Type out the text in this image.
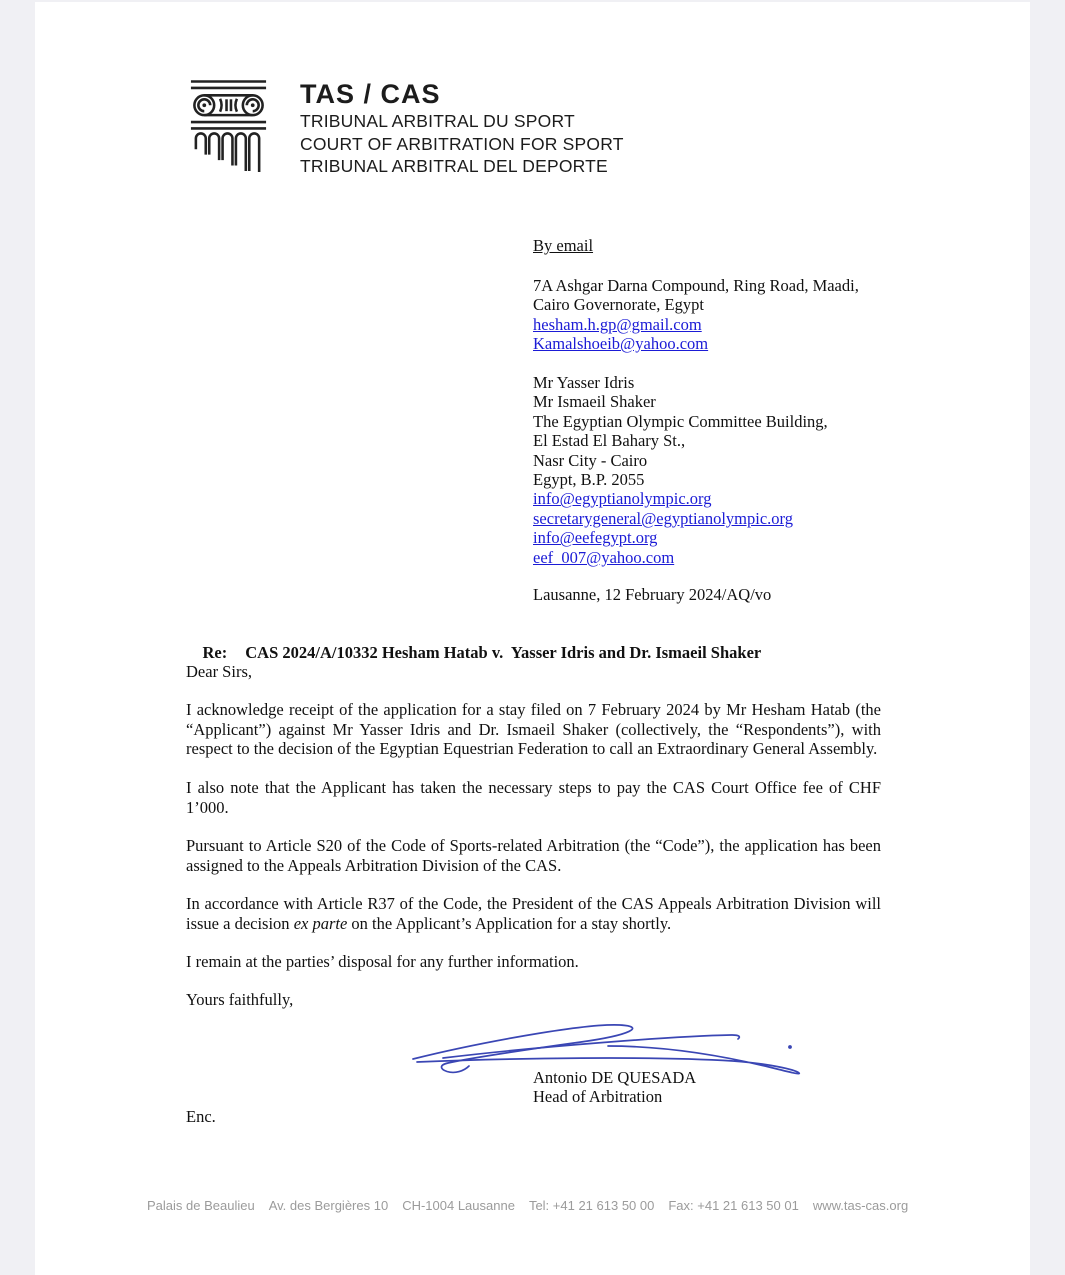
TAS / CAS
TRIBUNAL ARBITRAL DU SPORT
COURT OF ARBITRATION FOR SPORT
TRIBUNAL ARBITRAL DEL DEPORTE
By email
7A Ashgar Darna Compound, Ring Road, Maadi,
Cairo Governorate, Egypt
hesham.h.gp@gmail.com
Kamalshoeib@yahoo.com
Mr Yasser Idris
Mr Ismaeil Shaker
The Egyptian Olympic Committee Building,
El Estad El Bahary St.,
Nasr City - Cairo
Egypt, B.P. 2055
info@egyptianolympic.org
secretarygeneral@egyptianolympic.org
info@eefegypt.org
eef_007@yahoo.com
Lausanne, 12 February 2024/AQ/vo

Re: CAS 2024/A/10332 Hesham Hatab v.  Yasser Idris and Dr. Ismaeil Shaker

Dear Sirs,

I acknowledge receipt of the application for a stay filed on 7 February 2024 by Mr Hesham Hatab (the “Applicant”) against Mr Yasser Idris and Dr. Ismaeil Shaker (collectively, the “Respondents”), with respect to the decision of the Egyptian Equestrian Federation to call an Extraordinary General Assembly.

I also note that the Applicant has taken the necessary steps to pay the CAS Court Office fee of CHF 1’000.

Pursuant to Article S20 of the Code of Sports-related Arbitration (the “Code”), the application has been assigned to the Appeals Arbitration Division of the CAS.

In accordance with Article R37 of the Code, the President of the CAS Appeals Arbitration Division will issue a decision ex parte on the Applicant’s Application for a stay shortly.

I remain at the parties’ disposal for any further information.

Yours faithfully,
Antonio DE QUESADA
Head of Arbitration
Enc.
Palais de Beaulieu Av. des Bergières 10 CH-1004 Lausanne Tel: +41 21 613 50 00 Fax: +41 21 613 50 01 www.tas-cas.org
